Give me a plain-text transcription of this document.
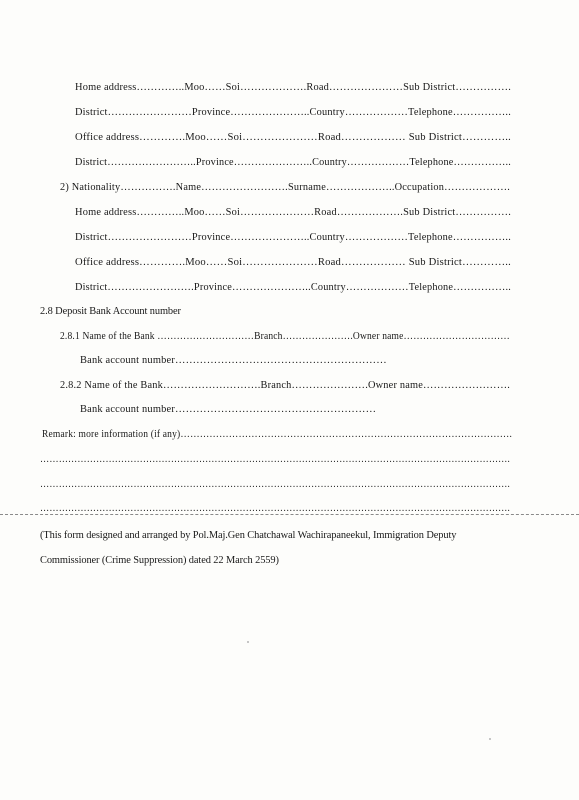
Home address…………..Moo……Soi……………….Road…………………Sub District…………….
District……………………Province…………………..Country………………Telephone……………..
Office address………….Moo……Soi…………………Road……………… Sub District…………..
District……………………..Province…………………..Country………………Telephone……………..
2) Nationality…………….Name…………………….Surname………………..Occupation……………….
Home address…………..Moo……Soi…………………Road……………….Sub District…………….
District……………………Province…………………..Country………………Telephone……………..
Office address………….Moo……Soi…………………Road……………… Sub District…………..
District…………………….Province…………………..Country………………Telephone……………..
2.8 Deposit Bank Account number
2.8.1 Name of the Bank …………………………Branch………………….Owner name……………………………
Bank account number……………………………………………………
2.8.2 Name of the Bank……………………….Branch………………….Owner name…………………….
Bank account number…………………………………………………
Remark: more information (if any)………………………………………………………………………………………….
…………………………………………………………………………………………………………………………………….
…………………………………………………………………………………………………………………………………….
…………………………………………………………………………………………………………………………………….
(This form designed and arranged by Pol.Maj.Gen Chatchawal Wachirapaneekul, Immigration Deputy
Commissioner (Crime Suppression) dated 22 March 2559)
